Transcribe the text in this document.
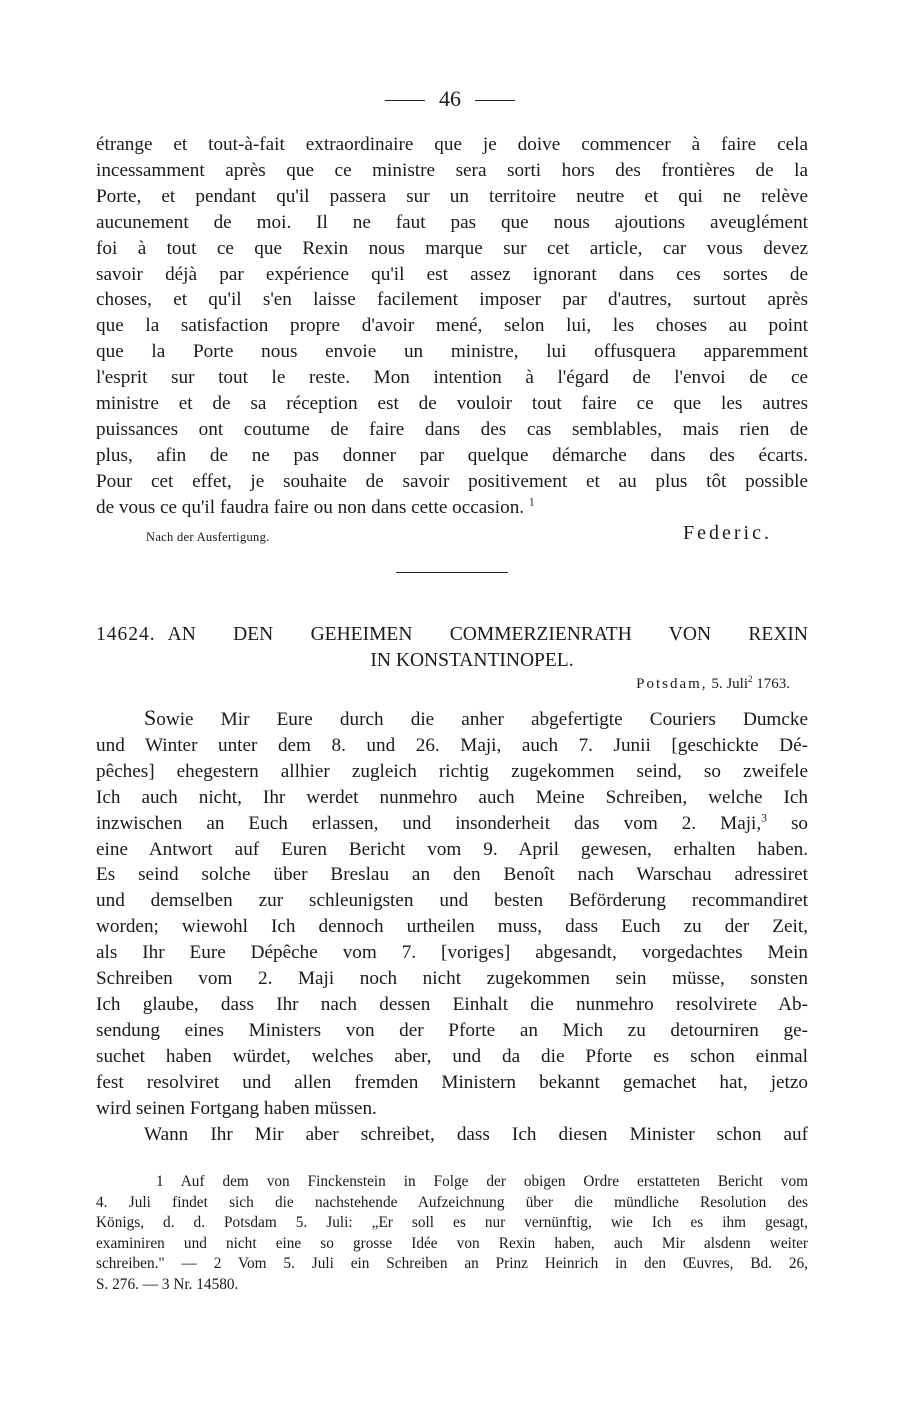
46
étrange et tout-à-fait extraordinaire que je doive commencer à faire cela
incessamment après que ce ministre sera sorti hors des frontières de la
Porte, et pendant qu'il passera sur un territoire neutre et qui ne relève
aucunement de moi. Il ne faut pas que nous ajoutions aveuglément
foi à tout ce que Rexin nous marque sur cet article, car vous devez
savoir déjà par expérience qu'il est assez ignorant dans ces sortes de
choses, et qu'il s'en laisse facilement imposer par d'autres, surtout après
que la satisfaction propre d'avoir mené, selon lui, les choses au point
que la Porte nous envoie un ministre, lui offusquera apparemment
l'esprit sur tout le reste. Mon intention à l'égard de l'envoi de ce
ministre et de sa réception est de vouloir tout faire ce que les autres
puissances ont coutume de faire dans des cas semblables, mais rien de
plus, afin de ne pas donner par quelque démarche dans des écarts.
Pour cet effet, je souhaite de savoir positivement et au plus tôt possible
de vous ce qu'il faudra faire ou non dans cette occasion. $^1$
Nach der Ausfertigung.	Federic.
14624. AN DEN GEHEIMEN COMMERZIENRATH VON REXIN
IN KONSTANTINOPEL.
Potsdam, 5. Juli$^2$ 1763.
Sowie Mir Eure durch die anher abgefertigte Couriers Dumcke
und Winter unter dem 8. und 26. Maji, auch 7. Junii [geschickte Dé-
pêches] ehegestern allhier zugleich richtig zugekommen seind, so zweifele
Ich auch nicht, Ihr werdet nunmehro auch Meine Schreiben, welche Ich
inzwischen an Euch erlassen, und insonderheit das vom 2. Maji,$^3$ so
eine Antwort auf Euren Bericht vom 9. April gewesen, erhalten haben.
Es seind solche über Breslau an den Benoît nach Warschau adressiret
und demselben zur schleunigsten und besten Beförderung recommandiret
worden; wiewohl Ich dennoch urtheilen muss, dass Euch zu der Zeit,
als Ihr Eure Dépêche vom 7. [voriges] abgesandt, vorgedachtes Mein
Schreiben vom 2. Maji noch nicht zugekommen sein müsse, sonsten
Ich glaube, dass Ihr nach dessen Einhalt die nunmehro resolvirete Ab-
sendung eines Ministers von der Pforte an Mich zu detourniren ge-
suchet haben würdet, welches aber, und da die Pforte es schon einmal
fest resolviret und allen fremden Ministern bekannt gemachet hat, jetzo
wird seinen Fortgang haben müssen.
Wann Ihr Mir aber schreibet, dass Ich diesen Minister schon auf
1 Auf dem von Finckenstein in Folge der obigen Ordre erstatteten Bericht vom
4. Juli findet sich die nachstehende Aufzeichnung über die mündliche Resolution des
Königs, d. d. Potsdam 5. Juli: „Er soll es nur vernünftig, wie Ich es ihm gesagt,
examiniren und nicht eine so grosse Idée von Rexin haben, auch Mir alsdenn weiter
schreiben." — 2 Vom 5. Juli ein Schreiben an Prinz Heinrich in den Œuvres, Bd. 26,
S. 276. — 3 Nr. 14580.
